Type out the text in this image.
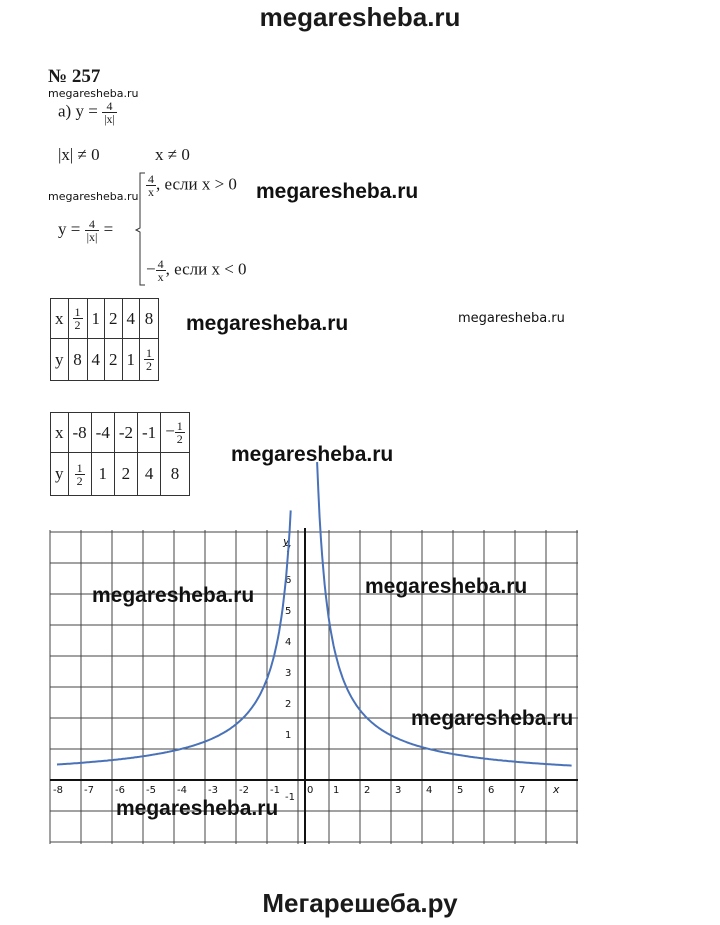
megaresheba.ru
Мегарешеба.ру
№ 257
megaresheba.ru
а) $y = \frac{4}{|x|}$
|x| ≠ 0	x ≠ 0
megaresheba.ru
$y = \frac{4}{|x|}$ =
$\frac{4}{x}$ , если x > 0 megaresheba.ru
− $\frac{4}{x}$ , если x < 0
x	$\frac{1}{2}$	1	2	4	8
y	8	4	2	1	$\frac{1}{2}$
megaresheba.ru	megaresheba.ru
x	-8	-4	-2	-1	− $\frac{1}{2}$

y	$\frac{1}{2}$	1	2	4	8
megaresheba.ru
x
y
-8 -7 -6 -5 -4 -3 -2 -1	0 1 2 3 4 5 6 7
7
6
5
4
3
2
1
-1
megaresheba.ru	megaresheba.ru
megaresheba.ru
megaresheba.ru
